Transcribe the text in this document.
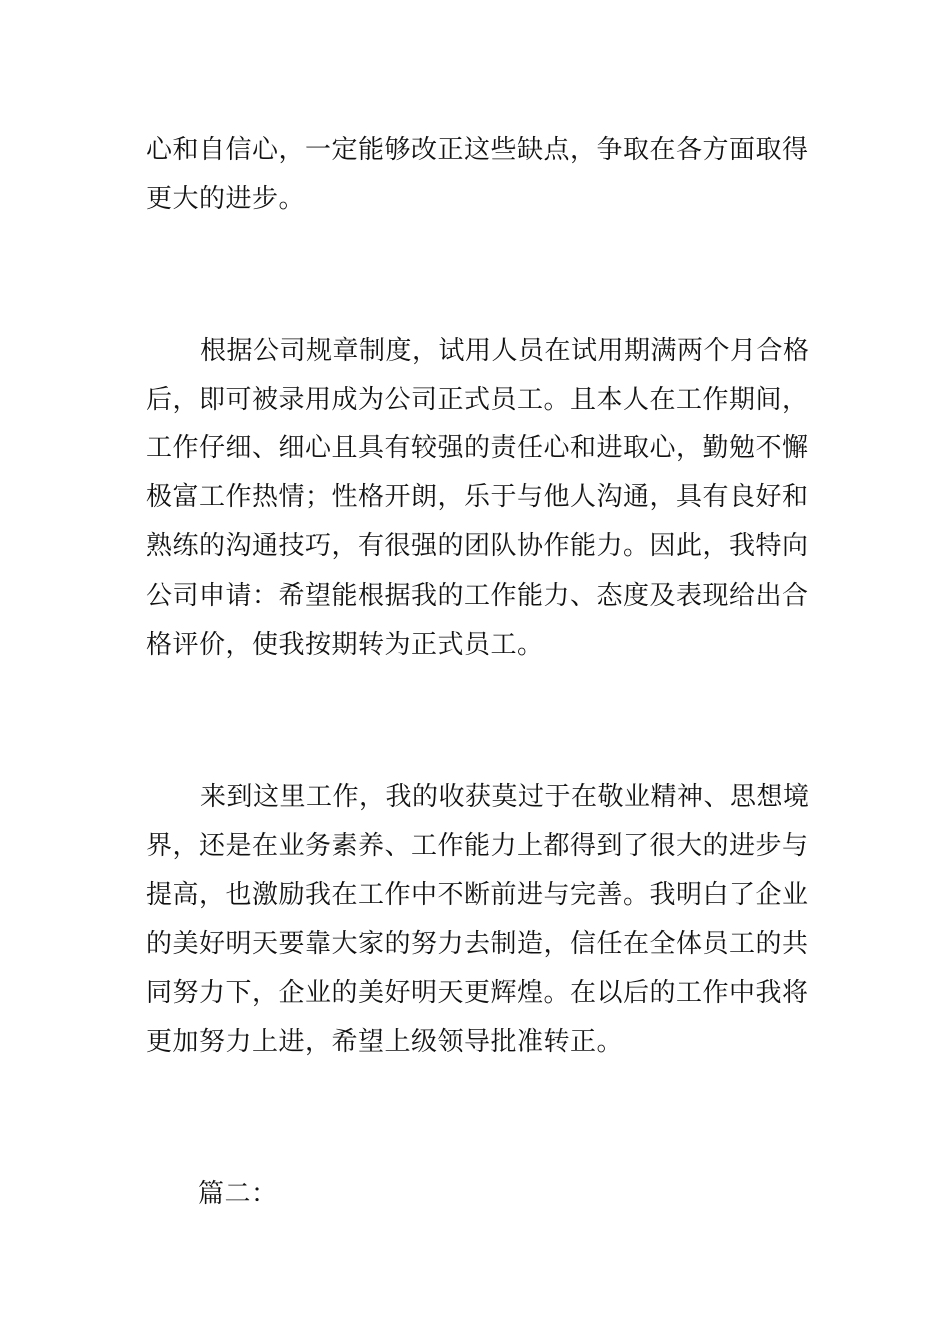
心和自信心，一定能够改正这些缺点，争取在各方面取得
更大的进步。
根据公司规章制度，试用人员在试用期满两个月合格
后，即可被录用成为公司正式员工。且本人在工作期间，
工作仔细、细心且具有较强的责任心和进取心，勤勉不懈
极富工作热情；性格开朗，乐于与他人沟通，具有良好和
熟练的沟通技巧，有很强的团队协作能力。因此，我特向
公司申请：希望能根据我的工作能力、态度及表现给出合
格评价，使我按期转为正式员工。
来到这里工作，我的收获莫过于在敬业精神、思想境
界，还是在业务素养、工作能力上都得到了很大的进步与
提高，也激励我在工作中不断前进与完善。我明白了企业
的美好明天要靠大家的努力去制造，信任在全体员工的共
同努力下，企业的美好明天更辉煌。在以后的工作中我将
更加努力上进，希望上级领导批准转正。
篇二：
